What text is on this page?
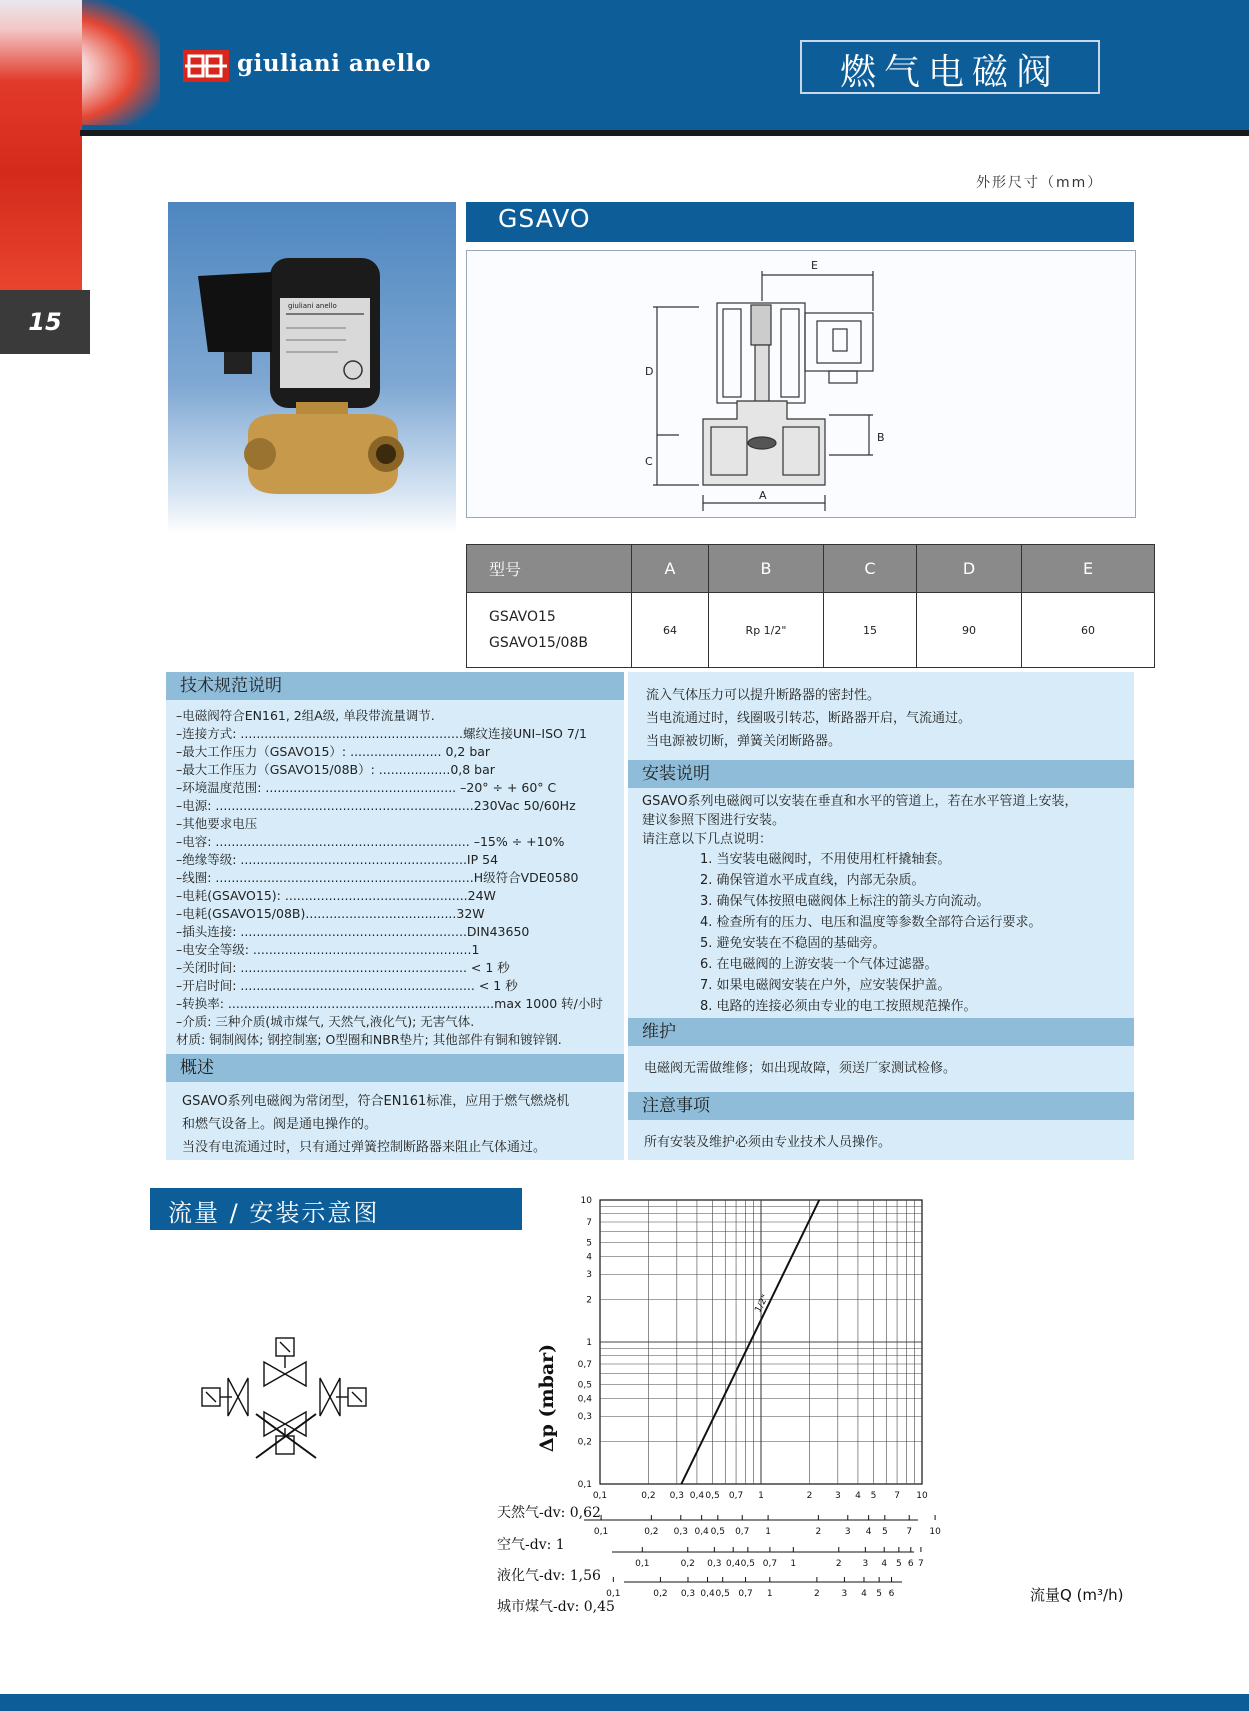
15
giuliani anello	燃气电磁阀
外形尺寸（mm）
giuliani anello
GSAVO
E
D
C
B
A
型号	A	B	C	D	E

GSAVO15
GSAVO15/08B	64	Rp 1/2"	15	90	60
技术规范说明
–电磁阀符合EN161, 2组A级, 单段带流量调节.
–连接方式: ........................................................螺纹连接UNI–ISO 7/1
–最大工作压力（GSAVO15）: ....................... 0,2 bar
–最大工作压力（GSAVO15/08B）: ..................0,8 bar
–环境温度范围: ................................................ –20° ÷ + 60° C
–电源: .................................................................230Vac 50/60Hz
–其他要求电压
–电容: ................................................................ –15% ÷ +10%
–绝缘等级: .........................................................IP 54
–线圈: .................................................................H级符合VDE0580
–电耗(GSAVO15): ..............................................24W
–电耗(GSAVO15/08B)......................................32W
–插头连接: .........................................................DIN43650
–电安全等级: .......................................................1
–关闭时间: ......................................................... < 1 秒
–开启时间: ........................................................... < 1 秒
–转换率: ...................................................................max 1000 转/小时
–介质: 三种介质(城市煤气, 天然气,液化气); 无害气体.
材质: 铜制阀体; 钢控制塞; O型圈和NBR垫片; 其他部件有铜和镀锌钢.
概述
GSAVO系列电磁阀为常闭型，符合EN161标准，应用于燃气燃烧机
和燃气设备上。阀是通电操作的。
当没有电流通过时，只有通过弹簧控制断路器来阻止气体通过。
流入气体压力可以提升断路器的密封性。
当电流通过时，线圈吸引转芯，断路器开启，气流通过。
当电源被切断，弹簧关闭断路器。
安装说明
GSAVO系列电磁阀可以安装在垂直和水平的管道上，若在水平管道上安装，
建议参照下图进行安装。
请注意以下几点说明：
1. 当安装电磁阀时，不用使用杠杆撬轴套。
2. 确保管道水平成直线，内部无杂质。
3. 确保气体按照电磁阀体上标注的箭头方向流动。
4. 检查所有的压力、电压和温度等参数全部符合运行要求。
5. 避免安装在不稳固的基础旁。
6. 在电磁阀的上游安装一个气体过滤器。
7. 如果电磁阀安装在户外，应安装保护盖。
8. 电路的连接必须由专业的电工按照规范操作。
维护
电磁阀无需做维修；如出现故障，须送厂家测试检修。
注意事项
所有安装及维护必须由专业技术人员操作。
流量 / 安装示意图	10
7
5
4
3
2
1
0,7
0,5
0,4
0,3
0,2
0,1
1/2"
0,1	0,2 0,3 0,4 0,5 0,7 1	2	3 4 5 7 10
0,1	0,2 0,3 0,4 0,5 0,7 1	2	3 4 5 7 10
0,1	0,2 0,3 0,4 0,5 0,7 1	2 3 4 5 6 7
0,1	0,2 0,3 0,4 0,5 0,7 1	2 3 4 5 6
Δp (mbar)
流量Q (m³/h)
天然气-dv: 0,62
空气-dv: 1
液化气-dv: 1,56
城市煤气-dv: 0,45
